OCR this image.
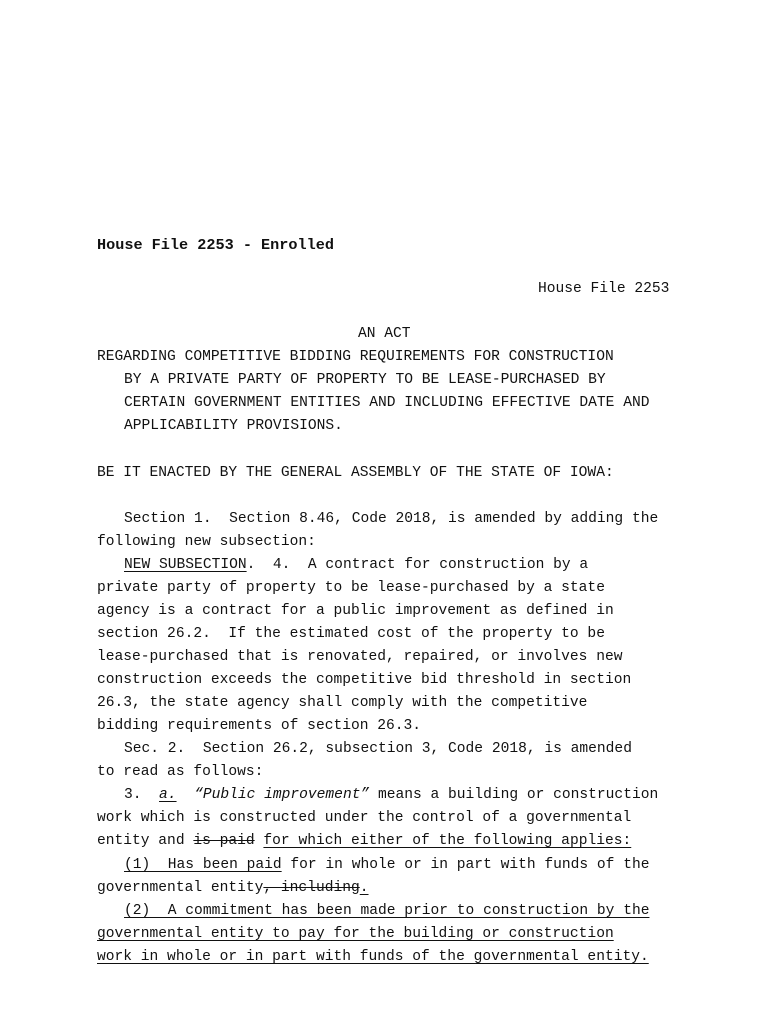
House File 2253 - Enrolled
House File 2253
AN ACT
REGARDING COMPETITIVE BIDDING REQUIREMENTS FOR CONSTRUCTION
BY A PRIVATE PARTY OF PROPERTY TO BE LEASE-PURCHASED BY
CERTAIN GOVERNMENT ENTITIES AND INCLUDING EFFECTIVE DATE AND
APPLICABILITY PROVISIONS.
BE IT ENACTED BY THE GENERAL ASSEMBLY OF THE STATE OF IOWA:
Section 1.  Section 8.46, Code 2018, is amended by adding the
following new subsection:
NEW SUBSECTION.  4.  A contract for construction by a
private party of property to be lease-purchased by a state
agency is a contract for a public improvement as defined in
section 26.2.  If the estimated cost of the property to be
lease-purchased that is renovated, repaired, or involves new
construction exceeds the competitive bid threshold in section
26.3, the state agency shall comply with the competitive
bidding requirements of section 26.3.
Sec. 2.  Section 26.2, subsection 3, Code 2018, is amended
to read as follows:
3.  a. “Public improvement” means a building or construction
work which is constructed under the control of a governmental
entity and is paid for which either of the following applies:
(1)  Has been paid for in whole or in part with funds of the
governmental entity, including.
(2)  A commitment has been made prior to construction by the
governmental entity to pay for the building or construction
work in whole or in part with funds of the governmental entity.
